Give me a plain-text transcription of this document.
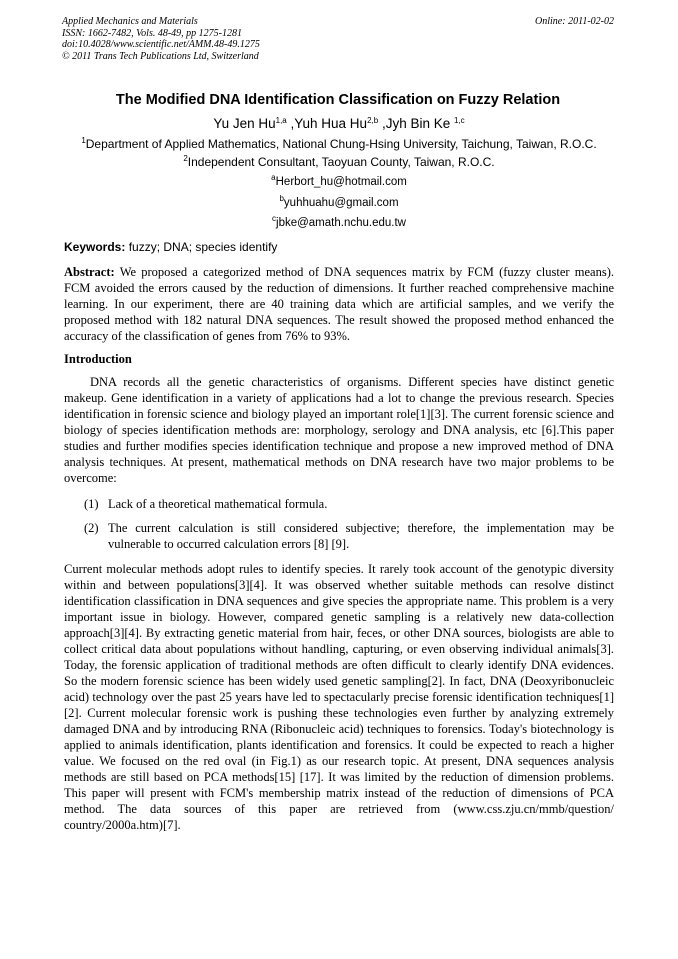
Applied Mechanics and Materials
ISSN: 1662-7482, Vols. 48-49, pp 1275-1281
doi:10.4028/www.scientific.net/AMM.48-49.1275
© 2011 Trans Tech Publications Ltd, Switzerland
Online: 2011-02-02
The Modified DNA Identification Classification on Fuzzy Relation
Yu Jen Hu$^{1,a}$ ,Yuh Hua Hu$^{2,b}$ ,Jyh Bin Ke $^{1,c}$
$^1$Department of Applied Mathematics, National Chung-Hsing University, Taichung, Taiwan, R.O.C.
$^2$Independent Consultant, Taoyuan County, Taiwan, R.O.C.
$^a$Herbort_hu@hotmail.com
$^b$yuhhuahu@gmail.com
$^c$jbke@amath.nchu.edu.tw
Keywords: fuzzy; DNA; species identify
Abstract: We proposed a categorized method of DNA sequences matrix by FCM (fuzzy cluster means). FCM avoided the errors caused by the reduction of dimensions. It further reached comprehensive machine learning. In our experiment, there are 40 training data which are artificial samples, and we verify the proposed method with 182 natural DNA sequences. The result showed the proposed method enhanced the accuracy of the classification of genes from 76% to 93%.
Introduction
DNA records all the genetic characteristics of organisms. Different species have distinct genetic makeup. Gene identification in a variety of applications had a lot to change the previous research. Species identification in forensic science and biology played an important role[1][3]. The current forensic science and biology of species identification methods are: morphology, serology and DNA analysis, etc [6].This paper studies and further modifies species identification technique and propose a new improved method of DNA analysis techniques. At present, mathematical methods on DNA research have two major problems to be overcome:
(1) Lack of a theoretical mathematical formula.
(2) The current calculation is still considered subjective; therefore, the implementation may be vulnerable to occurred calculation errors [8] [9].
Current molecular methods adopt rules to identify species. It rarely took account of the genotypic diversity within and between populations[3][4]. It was observed whether suitable methods can resolve distinct identification classification in DNA sequences and give species the appropriate name. This problem is a very important issue in biology. However, compared genetic sampling is a relatively new data-collection approach[3][4]. By extracting genetic material from hair, feces, or other DNA sources, biologists are able to collect critical data about populations without handling, capturing, or even observing individual animals[3]. Today, the forensic application of traditional methods are often difficult to clearly identify DNA evidences. So the modern forensic science has been widely used genetic sampling[2]. In fact, DNA (Deoxyribonucleic acid) technology over the past 25 years have led to spectacularly precise forensic identification techniques[1][2]. Current molecular forensic work is pushing these technologies even further by analyzing extremely damaged DNA and by introducing RNA (Ribonucleic acid) techniques to forensics. Today's biotechnology is applied to animals identification, plants identification and forensics. It could be expected to reach a higher value. We focused on the red oval (in Fig.1) as our research topic. At present, DNA sequences analysis methods are still based on PCA methods[15] [17]. It was limited by the reduction of dimension problems. This paper will present with FCM's membership matrix instead of the reduction of dimensions of PCA method. The data sources of this paper are retrieved from (www.css.zju.cn/mmb/question/ country/2000a.htm)[7].
